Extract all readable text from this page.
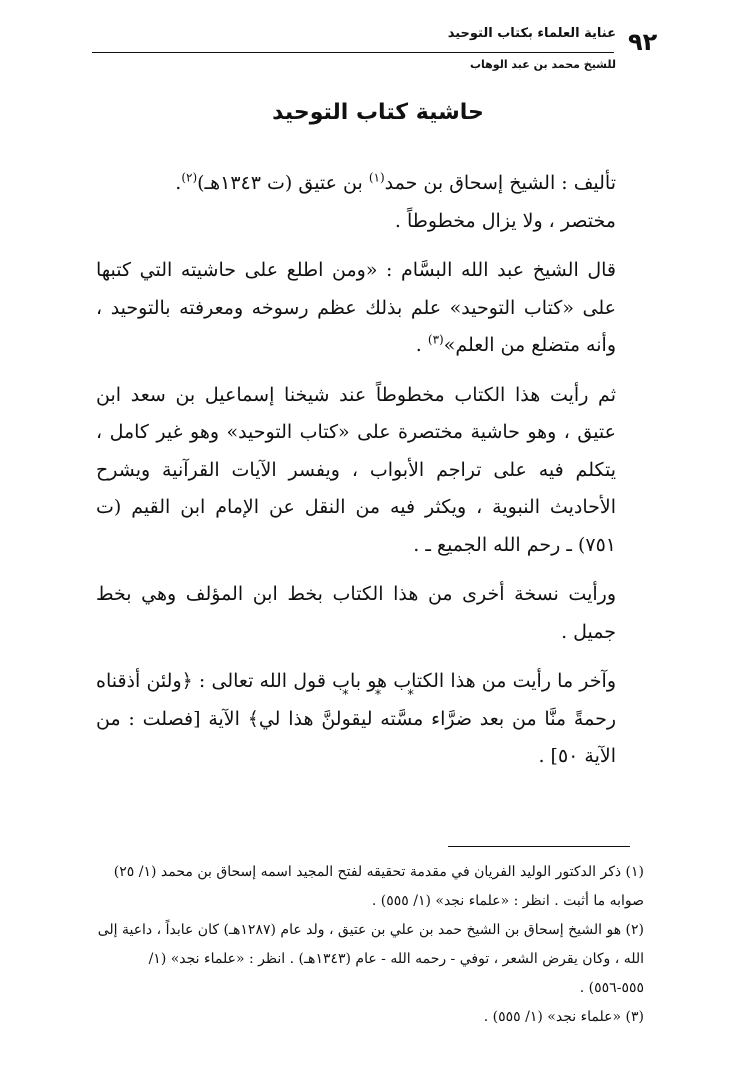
٩٢
عناية العلماء بكتاب التوحيد
للشيخ محمد بن عبد الوهاب
حاشية كتاب التوحيد

تأليف : الشيخ إسحاق بن حمد$^{(١)}$ بن عتيق (ت ١٣٤٣هـ)$^{(٢)}$.

مختصر ، ولا يزال مخطوطاً .

قال الشيخ عبد الله البسَّام : «ومن اطلع على حاشيته التي كتبها على «كتاب التوحيد» علم بذلك عظم رسوخه ومعرفته بالتوحيد ، وأنه متضلع من العلم»$^{(٣)}$ .

ثم رأيت هذا الكتاب مخطوطاً عند شيخنا إسماعيل بن سعد ابن عتيق ، وهو حاشية مختصرة على «كتاب التوحيد» وهو غير كامل ، يتكلم فيه على تراجم الأبواب ، ويفسر الآيات القرآنية ويشرح الأحاديث النبوية ، ويكثر فيه من النقل عن الإمام ابن القيم (ت ٧٥١) ـ رحم الله الجميع ـ .

ورأيت نسخة أخرى من هذا الكتاب بخط ابن المؤلف وهي بخط جميل .

وآخر ما رأيت من هذا الكتاب هو باب قول الله تعالى : ﴿ولئن أذقناه رحمةً منَّا من بعد ضرَّاء مسَّته ليقولنَّ هذا لي﴾ الآية [فصلت : من الآية ٥٠] .

* * *

(١) ذكر الدكتور الوليد الفريان في مقدمة تحقيقه لفتح المجيد اسمه إسحاق بن محمد (١/ ٢٥) صوابه ما أثبت . انظر : «علماء نجد» (١/ ٥٥٥) .

(٢) هو الشيخ إسحاق بن الشيخ حمد بن علي بن عتيق ، ولد عام (١٢٨٧هـ) كان عابداً ، داعية إلى الله ، وكان يقرض الشعر ، توفي - رحمه الله - عام (١٣٤٣هـ) . انظر : «علماء نجد» (١/ ٥٥٥-٥٥٦) .

(٣) «علماء نجد» (١/ ٥٥٥) .
